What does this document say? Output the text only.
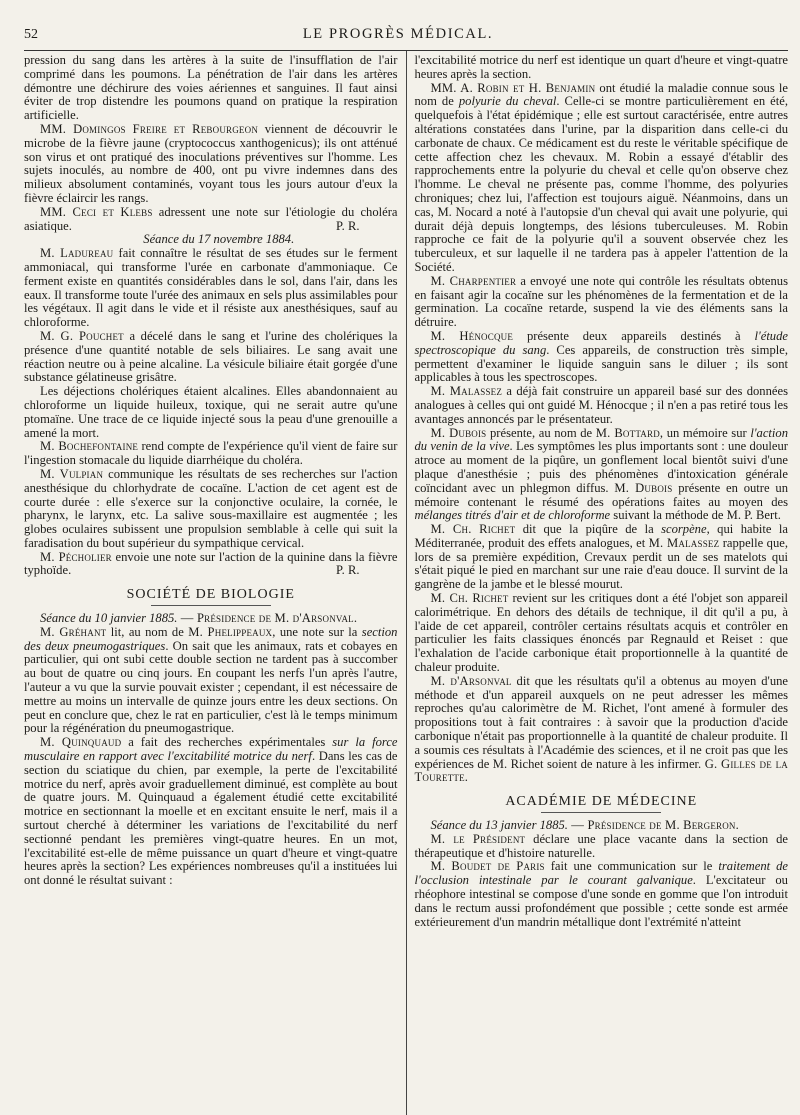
52	LE PROGRÈS MÉDICAL.

pression du sang dans les artères à la suite de l'insufflation de l'air comprimé dans les poumons. La pénétration de l'air dans les artères démontre une déchirure des voies aériennes et sanguines. Il faut ainsi éviter de trop distendre les poumons quand on pratique la respiration artificielle.

MM. Domingos Freire et Rebourgeon viennent de découvrir le microbe de la fièvre jaune (cryptococcus xanthogenicus); ils ont atténué son virus et ont pratiqué des inoculations préventives sur l'homme. Les sujets inoculés, au nombre de 400, ont pu vivre indemnes dans des milieux absolument contaminés, voyant tous les jours autour d'eux la fièvre éclaircir les rangs.

MM. Ceci et Klebs adressent une note sur l'étiologie du choléra asiatique.	P. R.

Séance du 17 novembre 1884.

M. Ladureau fait connaître le résultat de ses études sur le ferment ammoniacal, qui transforme l'urée en carbonate d'ammoniaque. Ce ferment existe en quantités considérables dans le sol, dans l'air, dans les eaux. Il transforme toute l'urée des animaux en sels plus assimilables pour les végétaux. Il agit dans le vide et il résiste aux anesthésiques, sauf au chloroforme.

M. G. Pouchet a décelé dans le sang et l'urine des cholériques la présence d'une quantité notable de sels biliaires. Le sang avait une réaction neutre ou à peine alcaline. La vésicule biliaire était gorgée d'une substance gélatineuse grisâtre.

Les déjections cholériques étaient alcalines. Elles abandonnaient au chloroforme un liquide huileux, toxique, qui ne serait autre qu'une ptomaïne. Une trace de ce liquide injecté sous la peau d'une grenouille a amené la mort.

M. Bochefontaine rend compte de l'expérience qu'il vient de faire sur l'ingestion stomacale du liquide diarrhéique du choléra.

M. Vulpian communique les résultats de ses recherches sur l'action anesthésique du chlorhydrate de cocaïne. L'action de cet agent est de courte durée : elle s'exerce sur la conjonctive oculaire, la cornée, le pharynx, le larynx, etc. La salive sous-maxillaire est augmentée ; les globes oculaires subissent une propulsion semblable à celle qui suit la faradisation du bout supérieur du sympathique cervical.

M. Pécholier envoie une note sur l'action de la quinine dans la fièvre typhoïde.	P. R.

SOCIÉTÉ DE BIOLOGIE

Séance du 10 janvier 1885. — Présidence de M. d'Arsonval.

M. Gréhant lit, au nom de M. Phelippeaux, une note sur la section des deux pneumogastriques. On sait que les animaux, rats et cobayes en particulier, qui ont subi cette double section ne tardent pas à succomber au bout de quatre ou cinq jours. En coupant les nerfs l'un après l'autre, l'auteur a vu que la survie pouvait exister ; cependant, il est nécessaire de mettre au moins un intervalle de quinze jours entre les deux sections. On peut en conclure que, chez le rat en particulier, c'est là le temps minimum pour la régénération du pneumogastrique.

M. Quinquaud a fait des recherches expérimentales sur la force musculaire en rapport avec l'excitabilité motrice du nerf. Dans les cas de section du sciatique du chien, par exemple, la perte de l'excitabilité motrice du nerf, après avoir graduellement diminué, est complète au bout de quatre jours. M. Quinquaud a également étudié cette excitabilité motrice en sectionnant la moelle et en excitant ensuite le nerf, mais il a surtout cherché à déterminer les variations de l'excitabilité du nerf sectionné pendant les premières vingt-quatre heures. En un mot, l'excitabilité est-elle de même puissance un quart d'heure et vingt-quatre heures après la section? Les expériences nombreuses qu'il a instituées lui ont donné le résultat suivant :

l'excitabilité motrice du nerf est identique un quart d'heure et vingt-quatre heures après la section.

MM. A. Robin et H. Benjamin ont étudié la maladie connue sous le nom de polyurie du cheval. Celle-ci se montre particulièrement en été, quelquefois à l'état épidémique ; elle est surtout caractérisée, entre autres altérations constatées dans l'urine, par la disparition dans celle-ci du carbonate de chaux. Ce médicament est du reste le véritable spécifique de cette affection chez les chevaux. M. Robin a essayé d'établir des rapprochements entre la polyurie du cheval et celle qu'on observe chez l'homme. Le cheval ne présente pas, comme l'homme, des polyuries chroniques; chez lui, l'affection est toujours aiguë. Néanmoins, dans un cas, M. Nocard a noté à l'autopsie d'un cheval qui avait une polyurie, qui durait déjà depuis longtemps, des lésions tuberculeuses. M. Robin rapproche ce fait de la polyurie qu'il a souvent observée chez les tuberculeux, et sur laquelle il ne tardera pas à appeler l'attention de la Société.

M. Charpentier a envoyé une note qui contrôle les résultats obtenus en faisant agir la cocaïne sur les phénomènes de la fermentation et de la germination. La cocaïne retarde, suspend la vie des éléments sans la détruire.

M. Hénocque présente deux appareils destinés à l'étude spectroscopique du sang. Ces appareils, de construction très simple, permettent d'examiner le liquide sanguin sans le diluer ; ils sont applicables à tous les spectroscopes.

M. Malassez a déjà fait construire un appareil basé sur des données analogues à celles qui ont guidé M. Hénocque ; il n'en a pas retiré tous les avantages annoncés par le présentateur.

M. Dubois présente, au nom de M. Bottard, un mémoire sur l'action du venin de la vive. Les symptômes les plus importants sont : une douleur atroce au moment de la piqûre, un gonflement local bientôt suivi d'une plaque d'anesthésie ; puis des phénomènes d'intoxication générale coïncidant avec un phlegmon diffus. M. Dubois présente en outre un mémoire contenant le résumé des opérations faites au moyen des mélanges titrés d'air et de chloroforme suivant la méthode de M. P. Bert.

M. Ch. Richet dit que la piqûre de la scorpène, qui habite la Méditerranée, produit des effets analogues, et M. Malassez rappelle que, lors de sa première expédition, Crevaux perdit un de ses matelots qui s'était piqué le pied en marchant sur une raie d'eau douce. Il survint de la gangrène de la jambe et le blessé mourut.

M. Ch. Richet revient sur les critiques dont a été l'objet son appareil calorimétrique. En dehors des détails de technique, il dit qu'il a pu, à l'aide de cet appareil, contrôler certains résultats acquis et contrôler en particulier les faits classiques énoncés par Regnauld et Reiset : que l'exhalation de l'acide carbonique était proportionnelle à la quantité de chaleur produite.

M. d'Arsonval dit que les résultats qu'il a obtenus au moyen d'une méthode et d'un appareil auxquels on ne peut adresser les mêmes reproches qu'au calorimètre de M. Richet, l'ont amené à formuler des propositions tout à fait contraires : à savoir que la production d'acide carbonique n'était pas proportionnelle à la quantité de chaleur produite. Il a soumis ces résultats à l'Académie des sciences, et il ne croit pas que les expériences de M. Richet soient de nature à les infirmer. G. Gilles de la Tourette.

ACADÉMIE DE MÉDECINE

Séance du 13 janvier 1885. — Présidence de M. Bergeron.

M. le Président déclare une place vacante dans la section de thérapeutique et d'histoire naturelle.

M. Boudet de Paris fait une communication sur le traitement de l'occlusion intestinale par le courant galvanique. L'excitateur ou rhéophore intestinal se compose d'une sonde en gomme que l'on introduit dans le rectum aussi profondément que possible ; cette sonde est armée extérieurement d'un mandrin métallique dont l'extrémité n'atteint
